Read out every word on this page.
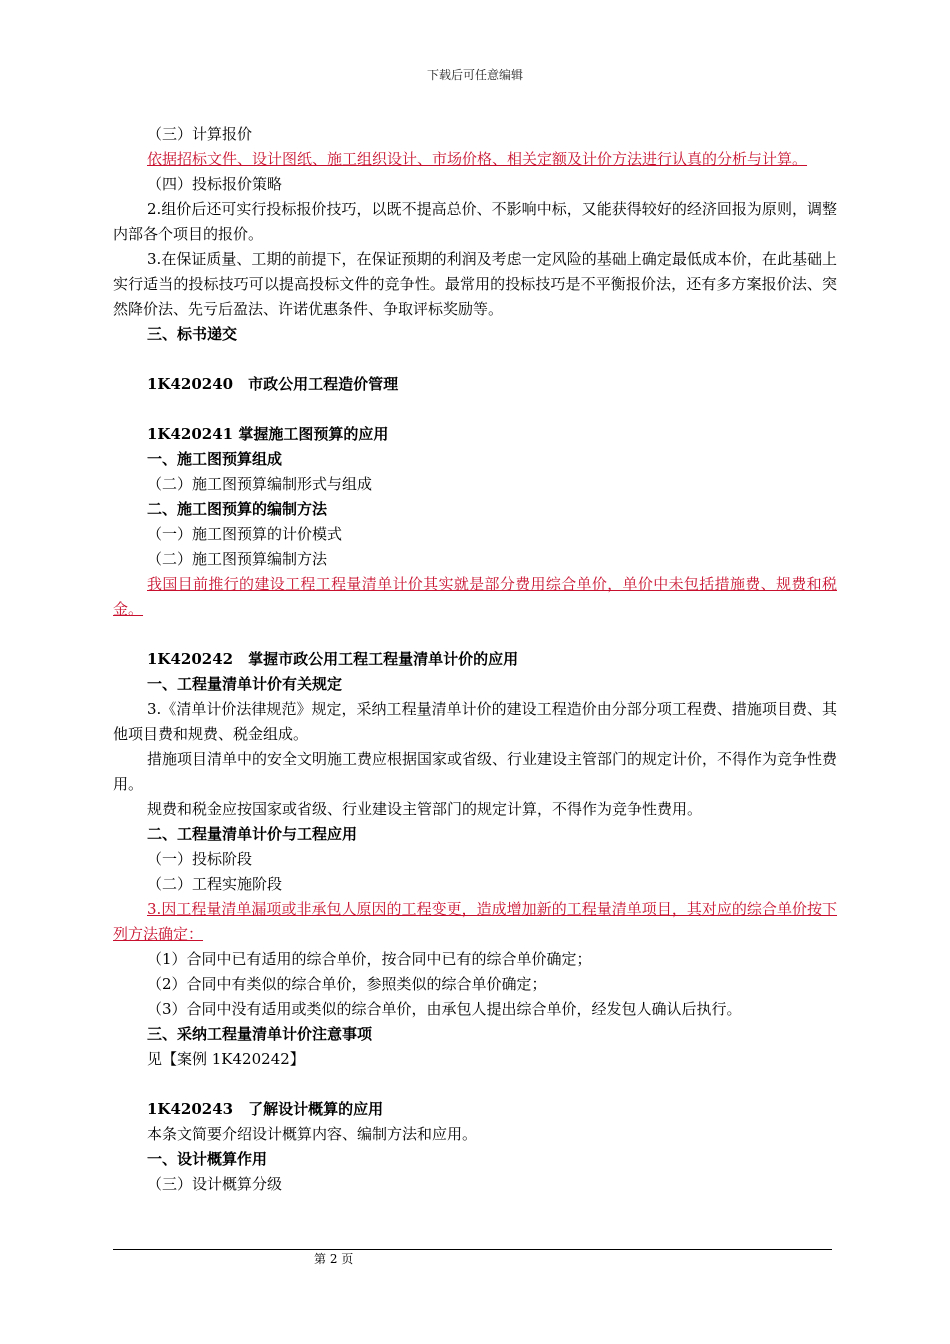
下载后可任意编辑
（三）计算报价
依据招标文件、设计图纸、施工组织设计、市场价格、相关定额及计价方法进行认真的分析与计算。
（四）投标报价策略
2.组价后还可实行投标报价技巧，以既不提高总价、不影响中标，又能获得较好的经济回报为原则，调整内部各个项目的报价。
3.在保证质量、工期的前提下，在保证预期的利润及考虑一定风险的基础上确定最低成本价，在此基础上实行适当的投标技巧可以提高投标文件的竞争性。最常用的投标技巧是不平衡报价法，还有多方案报价法、突然降价法、先亏后盈法、许诺优惠条件、争取评标奖励等。
三、标书递交
1K420240　市政公用工程造价管理
1K420241 掌握施工图预算的应用
一、施工图预算组成
（二）施工图预算编制形式与组成
二、施工图预算的编制方法
（一）施工图预算的计价模式
（二）施工图预算编制方法
我国目前推行的建设工程工程量清单计价其实就是部分费用综合单价，单价中未包括措施费、规费和税金。
1K420242　掌握市政公用工程工程量清单计价的应用
一、工程量清单计价有关规定
3.《清单计价法律规范》规定，采纳工程量清单计价的建设工程造价由分部分项工程费、措施项目费、其他项目费和规费、税金组成。
措施项目清单中的安全文明施工费应根据国家或省级、行业建设主管部门的规定计价，不得作为竞争性费用。
规费和税金应按国家或省级、行业建设主管部门的规定计算，不得作为竞争性费用。
二、工程量清单计价与工程应用
（一）投标阶段
（二）工程实施阶段
3.因工程量清单漏项或非承包人原因的工程变更，造成增加新的工程量清单项目，其对应的综合单价按下列方法确定：
（1）合同中已有适用的综合单价，按合同中已有的综合单价确定；
（2）合同中有类似的综合单价，参照类似的综合单价确定；
（3）合同中没有适用或类似的综合单价，由承包人提出综合单价，经发包人确认后执行。
三、采纳工程量清单计价注意事项
见【案例 1K420242】
1K420243　了解设计概算的应用
本条文简要介绍设计概算内容、编制方法和应用。
一、设计概算作用
（三）设计概算分级
第 2 页
